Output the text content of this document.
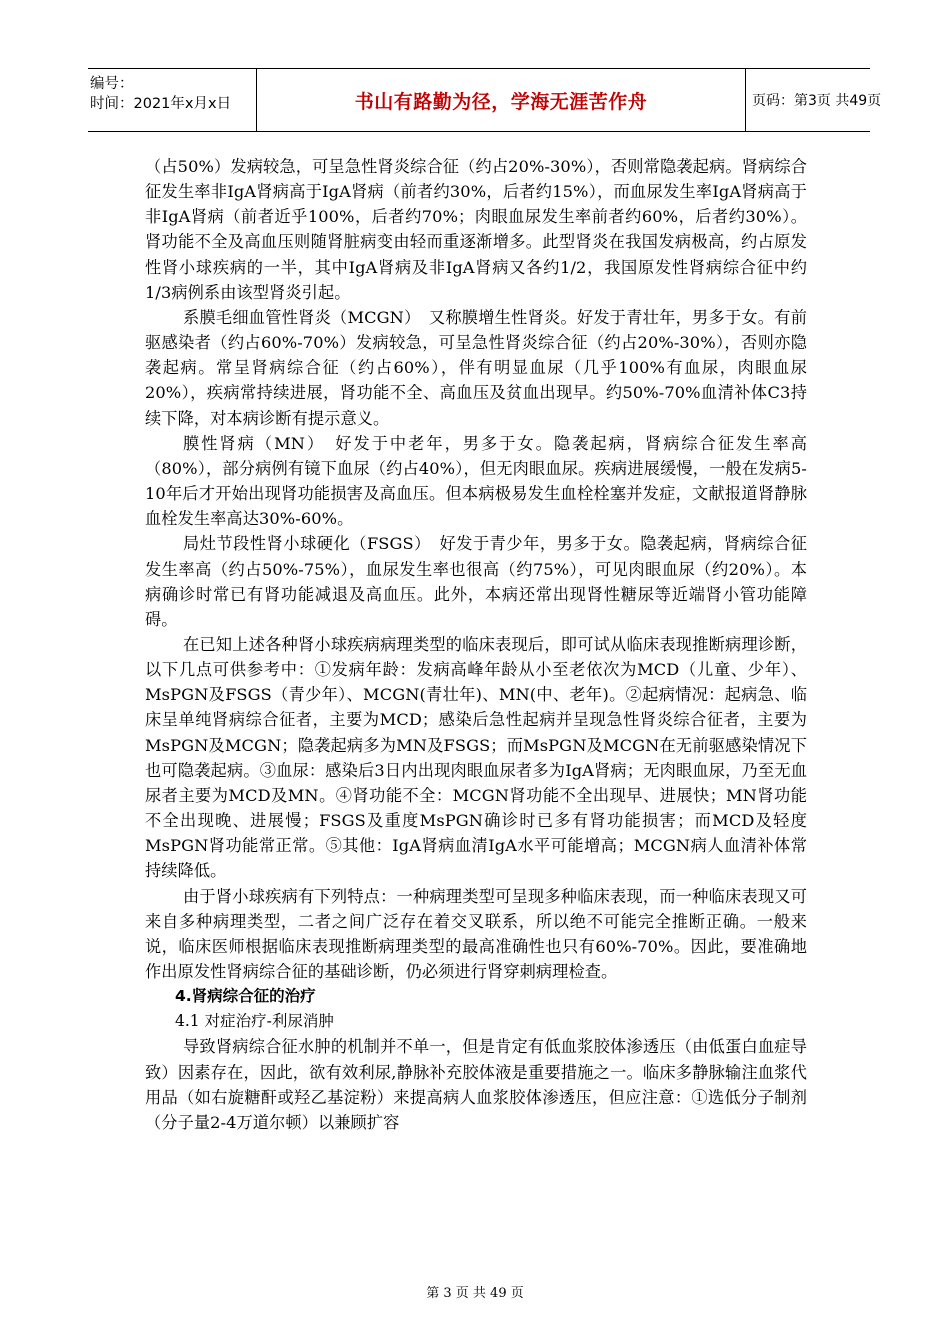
编号：
时间：2021年x月x日	书山有路勤为径，学海无涯苦作舟	页码：第3页 共49页

（占50%）发病较急，可呈急性肾炎综合征（约占20%-30%），否则常隐袭起病。肾病综合征发生率非IgA肾病高于IgA肾病（前者约30%，后者约15%），而血尿发生率IgA肾病高于非IgA肾病（前者近乎100%，后者约70%；肉眼血尿发生率前者约60%，后者约30%）。肾功能不全及高血压则随肾脏病变由轻而重逐渐增多。此型肾炎在我国发病极高，约占原发性肾小球疾病的一半，其中IgA肾病及非IgA肾病又各约1/2，我国原发性肾病综合征中约1/3病例系由该型肾炎引起。

系膜毛细血管性肾炎（MCGN）　又称膜增生性肾炎。好发于青壮年，男多于女。有前驱感染者（约占60%-70%）发病较急，可呈急性肾炎综合征（约占20%-30%），否则亦隐袭起病。常呈肾病综合征（约占60%），伴有明显血尿（几乎100%有血尿，肉眼血尿20%），疾病常持续进展，肾功能不全、高血压及贫血出现早。约50%-70%血清补体C3持续下降，对本病诊断有提示意义。

膜性肾病（MN）　好发于中老年，男多于女。隐袭起病，肾病综合征发生率高（80%），部分病例有镜下血尿（约占40%），但无肉眼血尿。疾病进展缓慢，一般在发病5-10年后才开始出现肾功能损害及高血压。但本病极易发生血栓栓塞并发症，文献报道肾静脉血栓发生率高达30%-60%。

局灶节段性肾小球硬化（FSGS）　好发于青少年，男多于女。隐袭起病，肾病综合征发生率高（约占50%-75%），血尿发生率也很高（约75%），可见肉眼血尿（约20%）。本病确诊时常已有肾功能减退及高血压。此外，本病还常出现肾性糖尿等近端肾小管功能障碍。

在已知上述各种肾小球疾病病理类型的临床表现后，即可试从临床表现推断病理诊断，以下几点可供参考中：①发病年龄：发病高峰年龄从小至老依次为MCD（儿童、少年）、MsPGN及FSGS（青少年）、MCGN(青壮年)、MN(中、老年)。②起病情况：起病急、临床呈单纯肾病综合征者，主要为MCD；感染后急性起病并呈现急性肾炎综合征者，主要为MsPGN及MCGN；隐袭起病多为MN及FSGS；而MsPGN及MCGN在无前驱感染情况下也可隐袭起病。③血尿：感染后3日内出现肉眼血尿者多为IgA肾病；无肉眼血尿，乃至无血尿者主要为MCD及MN。④肾功能不全：MCGN肾功能不全出现早、进展快；MN肾功能不全出现晚、进展慢；FSGS及重度MsPGN确诊时已多有肾功能损害；而MCD及轻度MsPGN肾功能常正常。⑤其他：IgA肾病血清IgA水平可能增高；MCGN病人血清补体常持续降低。

由于肾小球疾病有下列特点：一种病理类型可呈现多种临床表现，而一种临床表现又可来自多种病理类型，二者之间广泛存在着交叉联系，所以绝不可能完全推断正确。一般来说，临床医师根据临床表现推断病理类型的最高准确性也只有60%-70%。因此，要准确地作出原发性肾病综合征的基础诊断，仍必须进行肾穿刺病理检查。

4.肾病综合征的治疗

4.1 对症治疗-利尿消肿

导致肾病综合征水肿的机制并不单一，但是肯定有低血浆胶体渗透压（由低蛋白血症导致）因素存在，因此，欲有效利尿,静脉补充胶体液是重要措施之一。临床多静脉输注血浆代用品（如右旋糖酐或羟乙基淀粉）来提高病人血浆胶体渗透压，但应注意：①选低分子制剂（分子量2-4万道尔顿）以兼顾扩容

第 3 页 共 49 页
